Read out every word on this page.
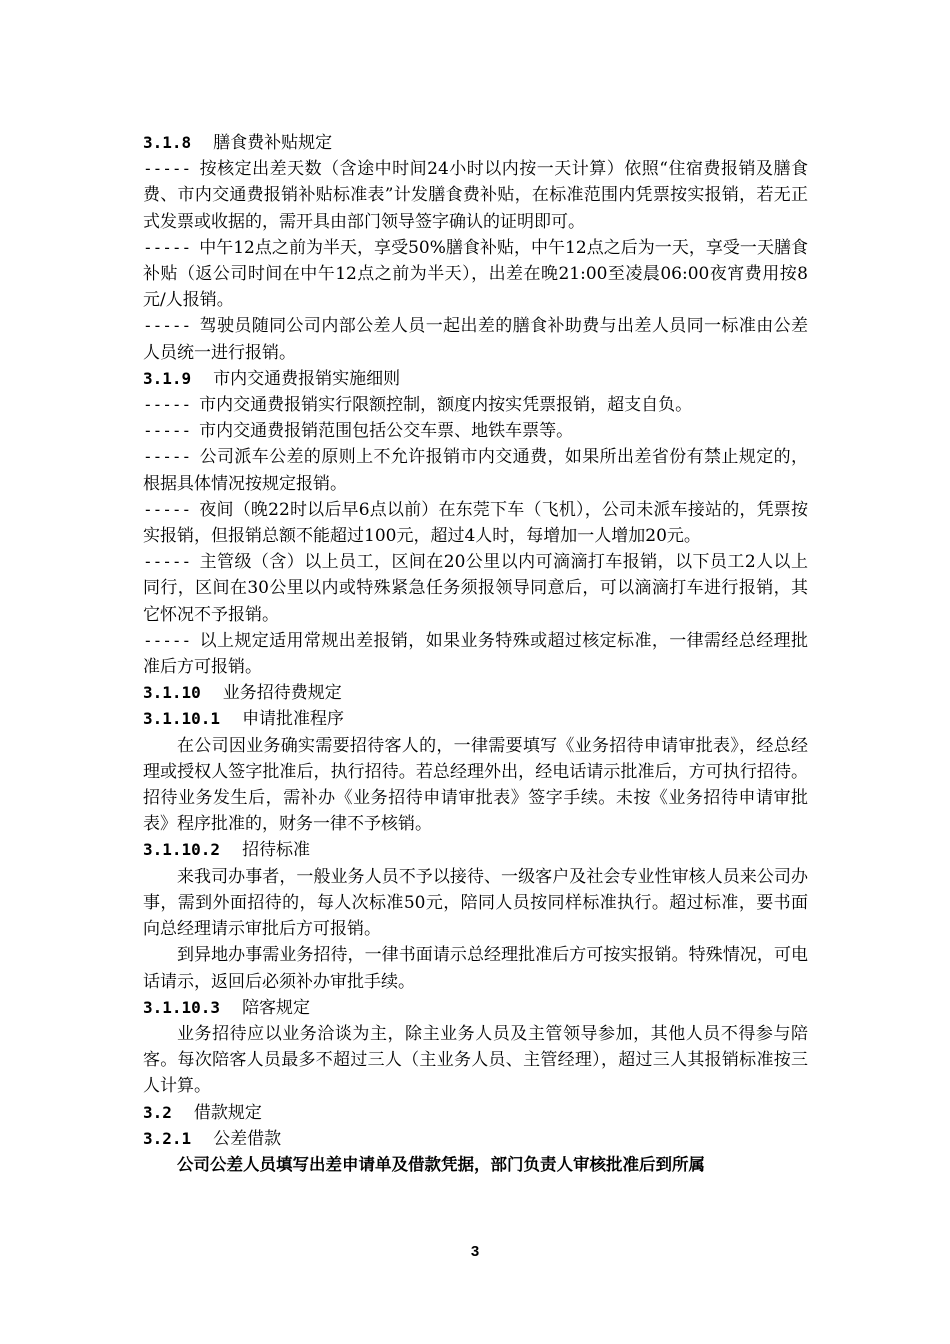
3.1.8 膳食费补贴规定

----- 按核定出差天数（含途中时间24小时以内按一天计算）依照“住宿费报销及膳食费、市内交通费报销补贴标准表”计发膳食费补贴，在标准范围内凭票按实报销，若无正式发票或收据的，需开具由部门领导签字确认的证明即可。

----- 中午12点之前为半天，享受50%膳食补贴，中午12点之后为一天，享受一天膳食补贴（返公司时间在中午12点之前为半天），出差在晚21:00至凌晨06:00夜宵费用按8元/人报销。

----- 驾驶员随同公司内部公差人员一起出差的膳食补助费与出差人员同一标准由公差人员统一进行报销。

3.1.9 市内交通费报销实施细则

----- 市内交通费报销实行限额控制，额度内按实凭票报销，超支自负。

----- 市内交通费报销范围包括公交车票、地铁车票等。

----- 公司派车公差的原则上不允许报销市内交通费，如果所出差省份有禁止规定的，根据具体情况按规定报销。

----- 夜间（晚22时以后早6点以前）在东莞下车（飞机），公司未派车接站的，凭票按实报销，但报销总额不能超过100元，超过4人时，每增加一人增加20元。

----- 主管级（含）以上员工，区间在20公里以内可滴滴打车报销，以下员工2人以上同行，区间在30公里以内或特殊紧急任务须报领导同意后，可以滴滴打车进行报销，其它怀况不予报销。

----- 以上规定适用常规出差报销，如果业务特殊或超过核定标准，一律需经总经理批准后方可报销。

3.1.10 业务招待费规定

3.1.10.1 申请批准程序

在公司因业务确实需要招待客人的，一律需要填写《业务招待申请审批表》，经总经理或授权人签字批准后，执行招待。若总经理外出，经电话请示批准后，方可执行招待。招待业务发生后，需补办《业务招待申请审批表》签字手续。未按《业务招待申请审批表》程序批准的，财务一律不予核销。

3.1.10.2 招待标准

来我司办事者，一般业务人员不予以接待、一级客户及社会专业性审核人员来公司办事，需到外面招待的，每人次标准50元，陪同人员按同样标准执行。超过标准，要书面向总经理请示审批后方可报销。

到异地办事需业务招待，一律书面请示总经理批准后方可按实报销。特殊情况，可电话请示，返回后必须补办审批手续。

3.1.10.3 陪客规定

业务招待应以业务洽谈为主，除主业务人员及主管领导参加，其他人员不得参与陪客。每次陪客人员最多不超过三人（主业务人员、主管经理），超过三人其报销标准按三人计算。

3.2 借款规定

3.2.1 公差借款

公司公差人员填写出差申请单及借款凭据，部门负责人审核批准后到所属

3
